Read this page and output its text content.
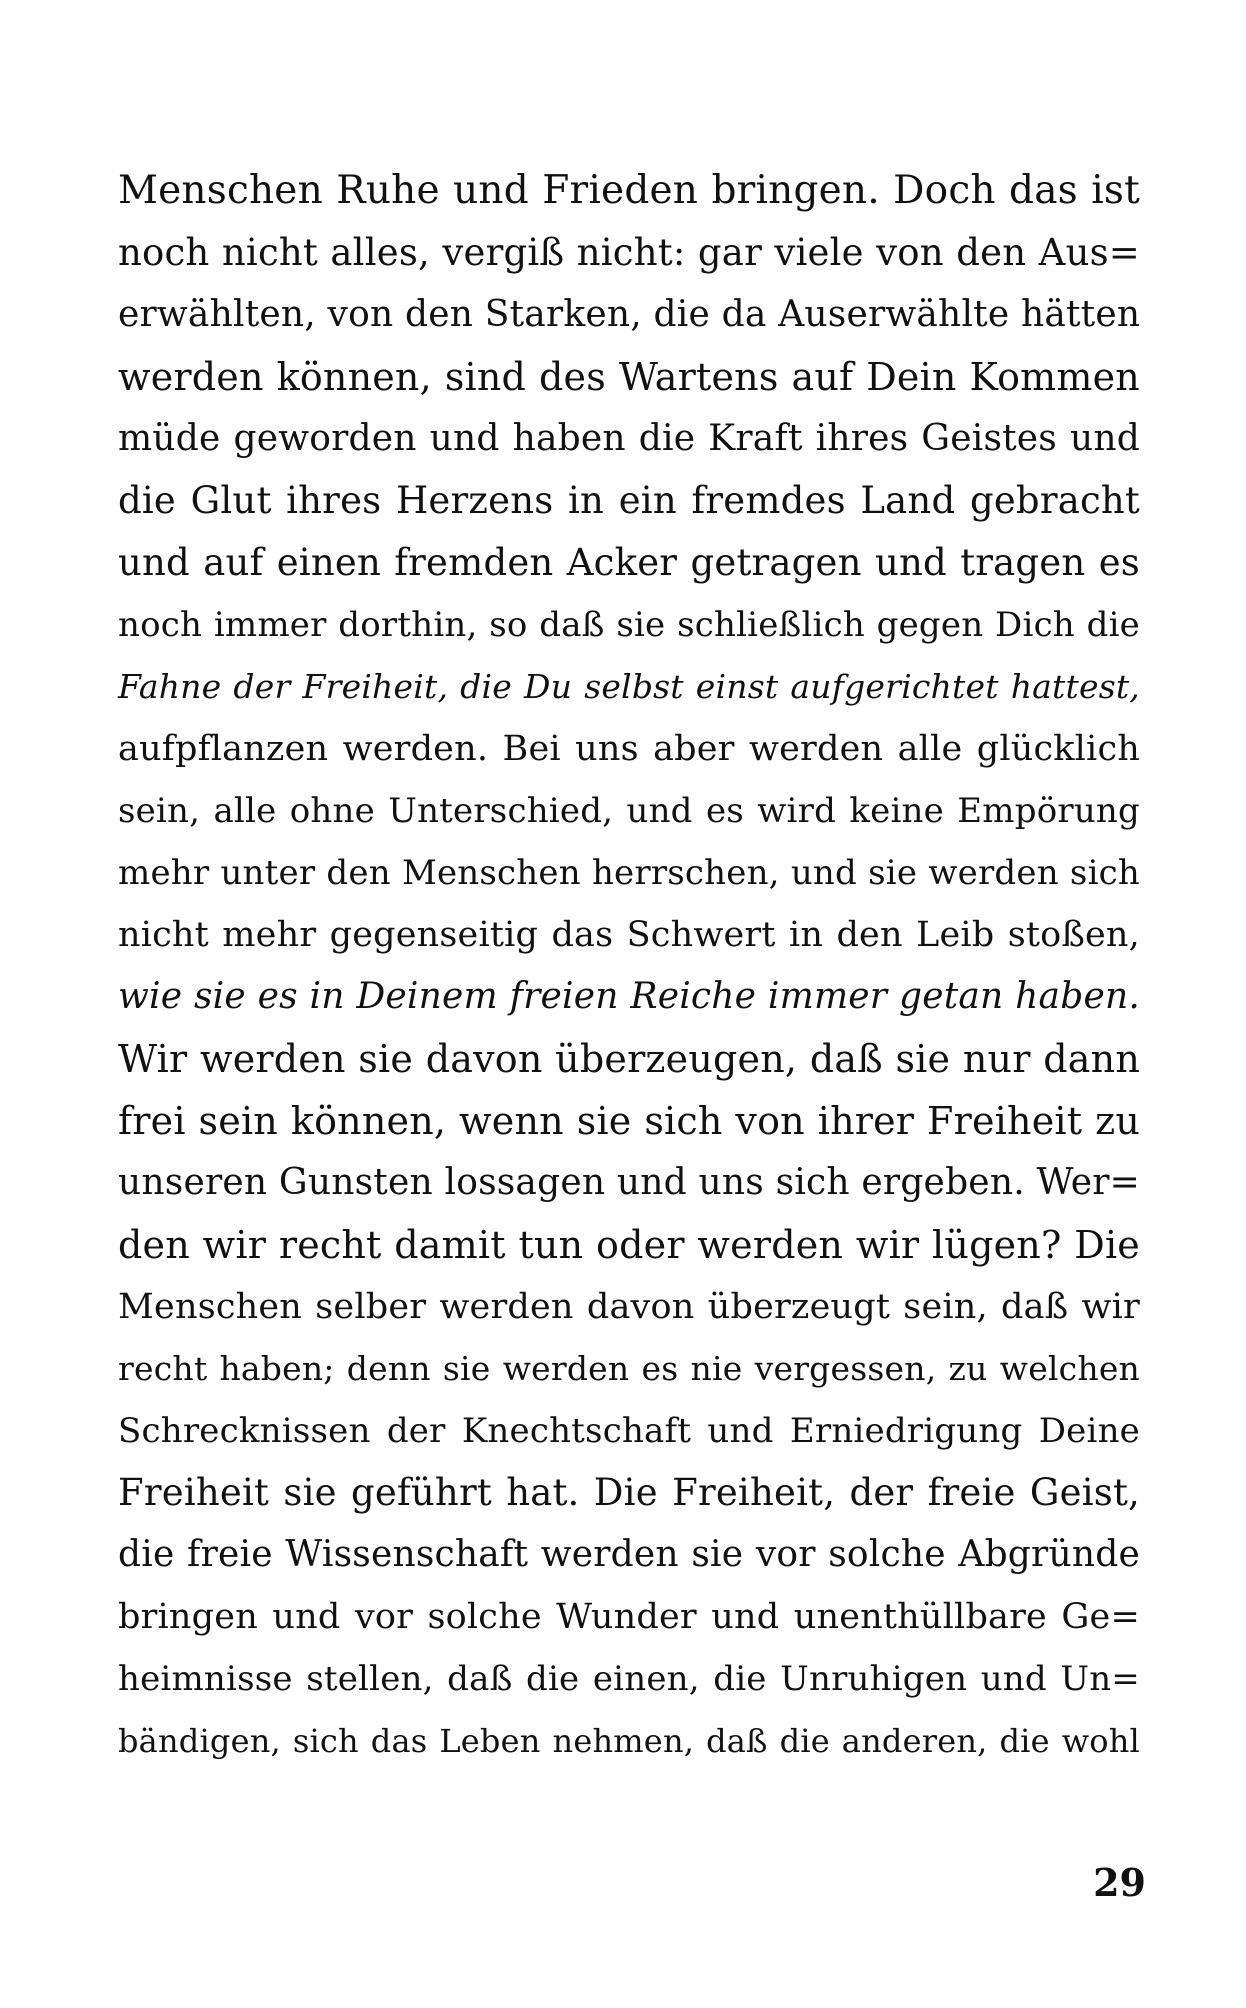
Menschen Ruhe und Frieden bringen. Doch das ist
noch nicht alles, vergiß nicht: gar viele von den Aus=
erwählten, von den Starken, die da Auserwählte hätten
werden können, sind des Wartens auf Dein Kommen
müde geworden und haben die Kraft ihres Geistes und
die Glut ihres Herzens in ein fremdes Land gebracht
und auf einen fremden Acker getragen und tragen es
noch immer dorthin, so daß sie schließlich gegen Dich die
Fahne der Freiheit, die Du selbst einst aufgerichtet hattest,
aufpflanzen werden. Bei uns aber werden alle glücklich
sein, alle ohne Unterschied, und es wird keine Empörung
mehr unter den Menschen herrschen, und sie werden sich
nicht mehr gegenseitig das Schwert in den Leib stoßen,
wie sie es in Deinem freien Reiche immer getan haben.
Wir werden sie davon überzeugen, daß sie nur dann
frei sein können, wenn sie sich von ihrer Freiheit zu
unseren Gunsten lossagen und uns sich ergeben. Wer=
den wir recht damit tun oder werden wir lügen? Die
Menschen selber werden davon überzeugt sein, daß wir
recht haben; denn sie werden es nie vergessen, zu welchen
Schrecknissen der Knechtschaft und Erniedrigung Deine
Freiheit sie geführt hat. Die Freiheit, der freie Geist,
die freie Wissenschaft werden sie vor solche Abgründe
bringen und vor solche Wunder und unenthüllbare Ge=
heimnisse stellen, daß die einen, die Unruhigen und Un=
bändigen, sich das Leben nehmen, daß die anderen, die wohl
29
